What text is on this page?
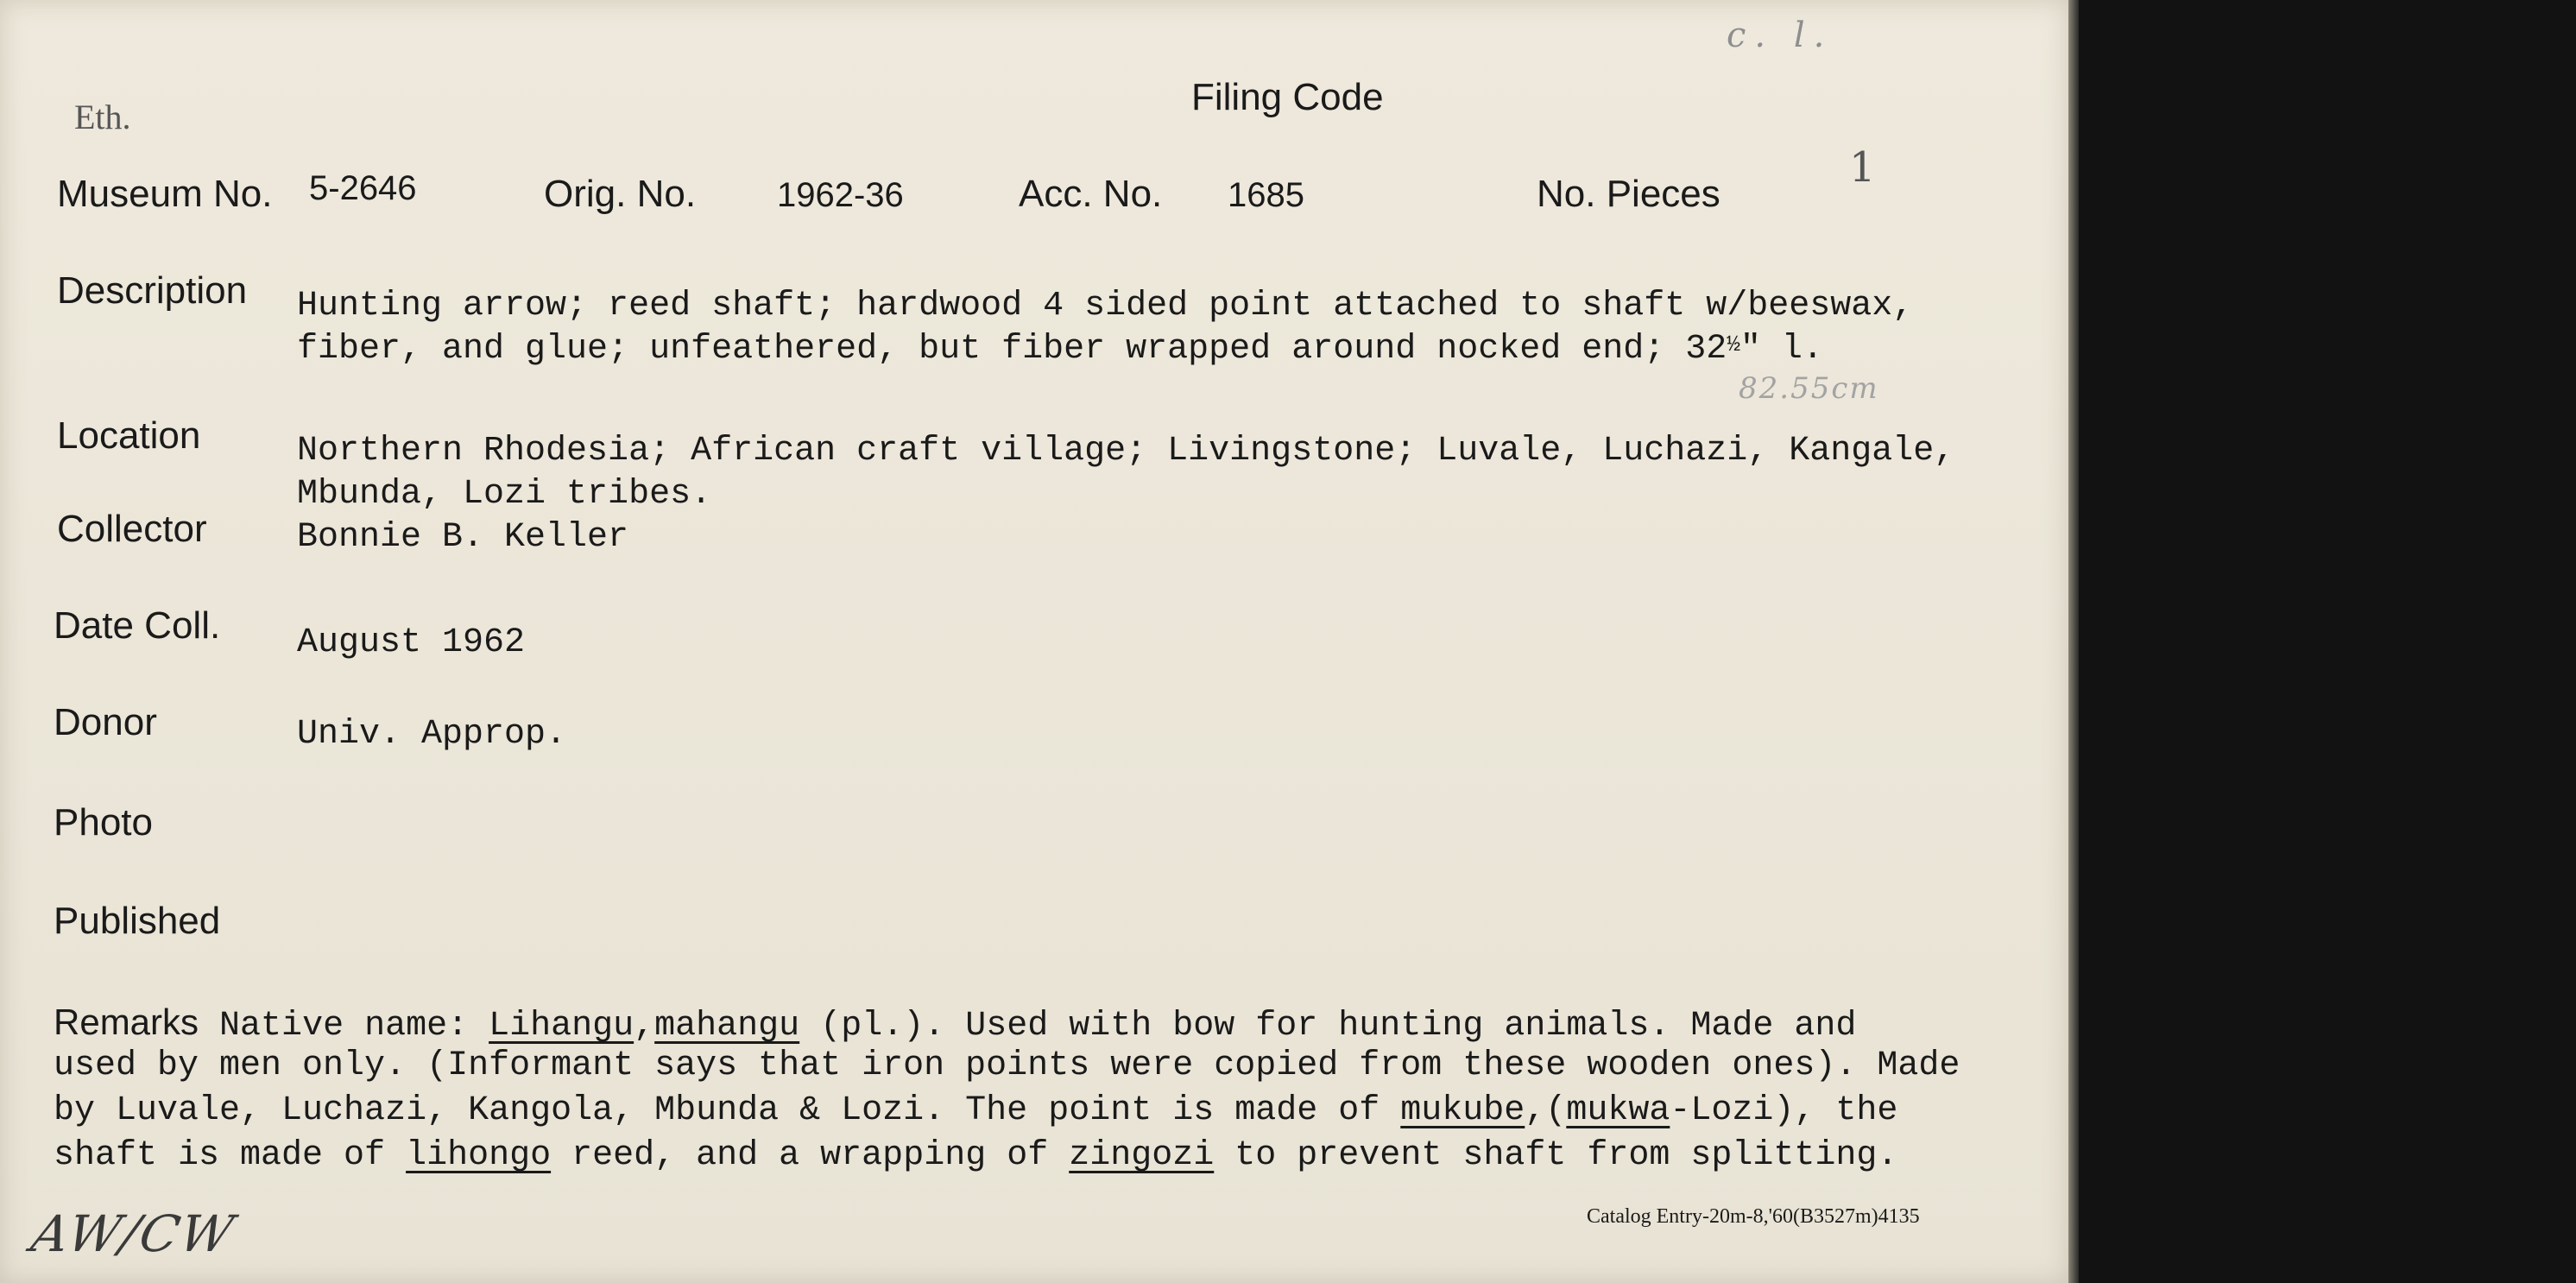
c. l.
Eth.	Filing Code
Museum No. 5-2646	Orig. No. 1962-36	Acc. No. 1685	No. Pieces
1
Description Hunting arrow; reed shaft; hardwood 4 sided point attached to shaft w/beeswax,
fiber, and glue; unfeathered, but fiber wrapped around nocked end; $32^{\frac{1}{2}}$" l.
82.55cm
Location	Northern Rhodesia; African craft village; Livingstone; Luvale, Luchazi, Kangale,
Mbunda, Lozi tribes.
Collector	Bonnie B. Keller
Date Coll. August 1962
Donor	Univ. Approp.
Photo
Published
Remarks Native name: Lihangu,mahangu (pl.). Used with bow for hunting animals. Made and
used by men only. (Informant says that iron points were copied from these wooden ones). Made
by Luvale, Luchazi, Kangola, Mbunda & Lozi. The point is made of mukube,(mukwa-Lozi), the
shaft is made of lihongo reed, and a wrapping of zingozi to prevent shaft from splitting.
AW/CW	Catalog Entry-20m-8,'60(B3527m)4135
